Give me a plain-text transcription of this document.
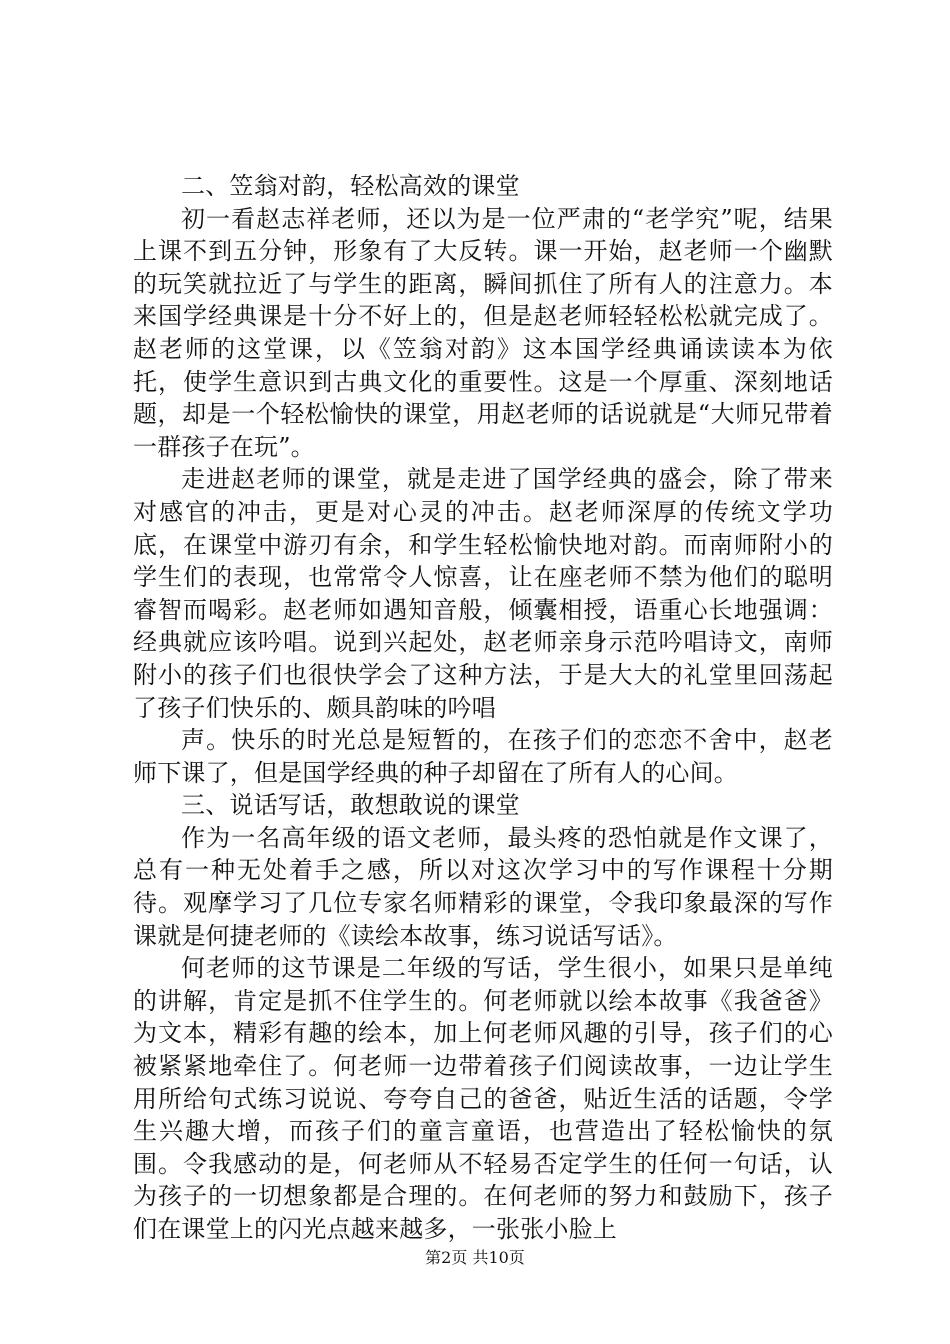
二、笠翁对韵，轻松高效的课堂

初一看赵志祥老师，还以为是一位严肃的“老学究”呢，结果上课不到五分钟，形象有了大反转。课一开始，赵老师一个幽默的玩笑就拉近了与学生的距离，瞬间抓住了所有人的注意力。本来国学经典课是十分不好上的，但是赵老师轻轻松松就完成了。赵老师的这堂课，以《笠翁对韵》这本国学经典诵读读本为依托，使学生意识到古典文化的重要性。这是一个厚重、深刻地话题，却是一个轻松愉快的课堂，用赵老师的话说就是“大师兄带着一群孩子在玩”。

走进赵老师的课堂，就是走进了国学经典的盛会，除了带来对感官的冲击，更是对心灵的冲击。赵老师深厚的传统文学功底，在课堂中游刃有余，和学生轻松愉快地对韵。而南师附小的学生们的表现，也常常令人惊喜，让在座老师不禁为他们的聪明睿智而喝彩。赵老师如遇知音般，倾囊相授，语重心长地强调：经典就应该吟唱。说到兴起处，赵老师亲身示范吟唱诗文，南师附小的孩子们也很快学会了这种方法，于是大大的礼堂里回荡起了孩子们快乐的、颇具韵味的吟唱

声。快乐的时光总是短暂的，在孩子们的恋恋不舍中，赵老师下课了，但是国学经典的种子却留在了所有人的心间。

三、说话写话，敢想敢说的课堂

作为一名高年级的语文老师，最头疼的恐怕就是作文课了，总有一种无处着手之感，所以对这次学习中的写作课程十分期待。观摩学习了几位专家名师精彩的课堂，令我印象最深的写作课就是何捷老师的《读绘本故事，练习说话写话》。

何老师的这节课是二年级的写话，学生很小，如果只是单纯的讲解，肯定是抓不住学生的。何老师就以绘本故事《我爸爸》为文本，精彩有趣的绘本，加上何老师风趣的引导，孩子们的心被紧紧地牵住了。何老师一边带着孩子们阅读故事，一边让学生用所给句式练习说说、夸夸自己的爸爸，贴近生活的话题，令学生兴趣大增，而孩子们的童言童语，也营造出了轻松愉快的氛围。令我感动的是，何老师从不轻易否定学生的任何一句话，认为孩子的一切想象都是合理的。在何老师的努力和鼓励下，孩子们在课堂上的闪光点越来越多，一张张小脸上

第2页 共10页
